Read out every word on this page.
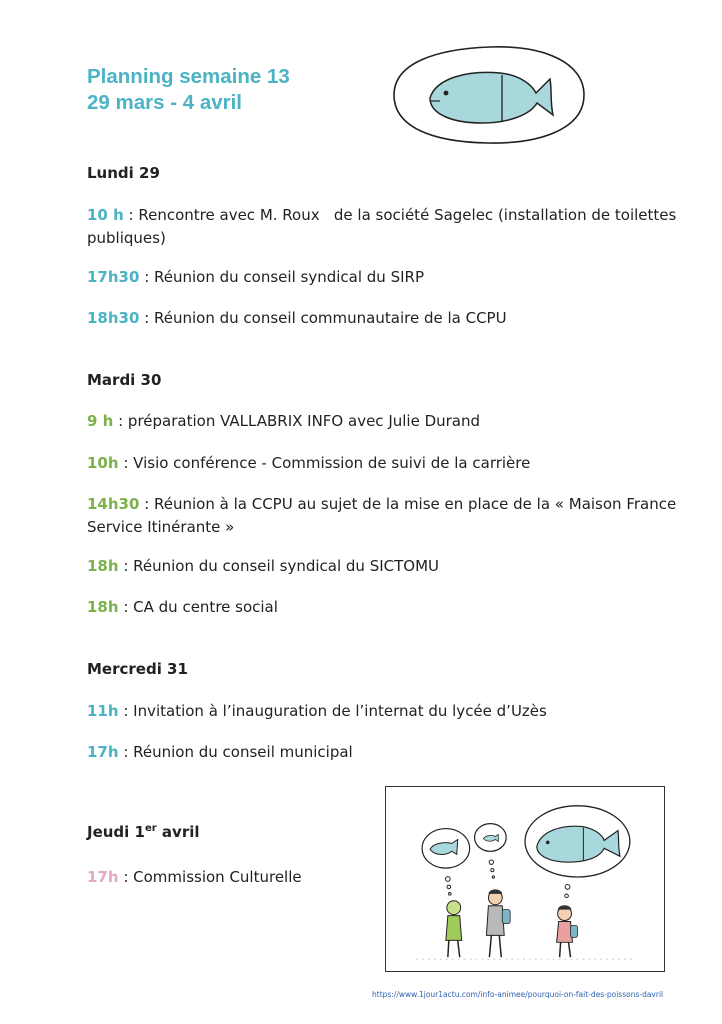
Planning semaine 13
29 mars - 4 avril
Lundi 29
10 h : Rencontre avec M. Roux   de la société Sagelec (installation de toilettes publiques)
17h30 : Réunion du conseil syndical du SIRP
18h30 : Réunion du conseil communautaire de la CCPU
Mardi 30
9 h : préparation VALLABRIX INFO avec Julie Durand
10h : Visio conférence - Commission de suivi de la carrière
14h30 : Réunion à la CCPU au sujet de la mise en place de la « Maison France Service Itinérante »
18h : Réunion du conseil syndical du SICTOMU
18h : CA du centre social
Mercredi 31
11h : Invitation à l’inauguration de l’internat du lycée d’Uzès
17h : Réunion du conseil municipal
Jeudi 1er avril
17h : Commission Culturelle
https://www.1jour1actu.com/info-animee/pourquoi-on-fait-des-poissons-davril
